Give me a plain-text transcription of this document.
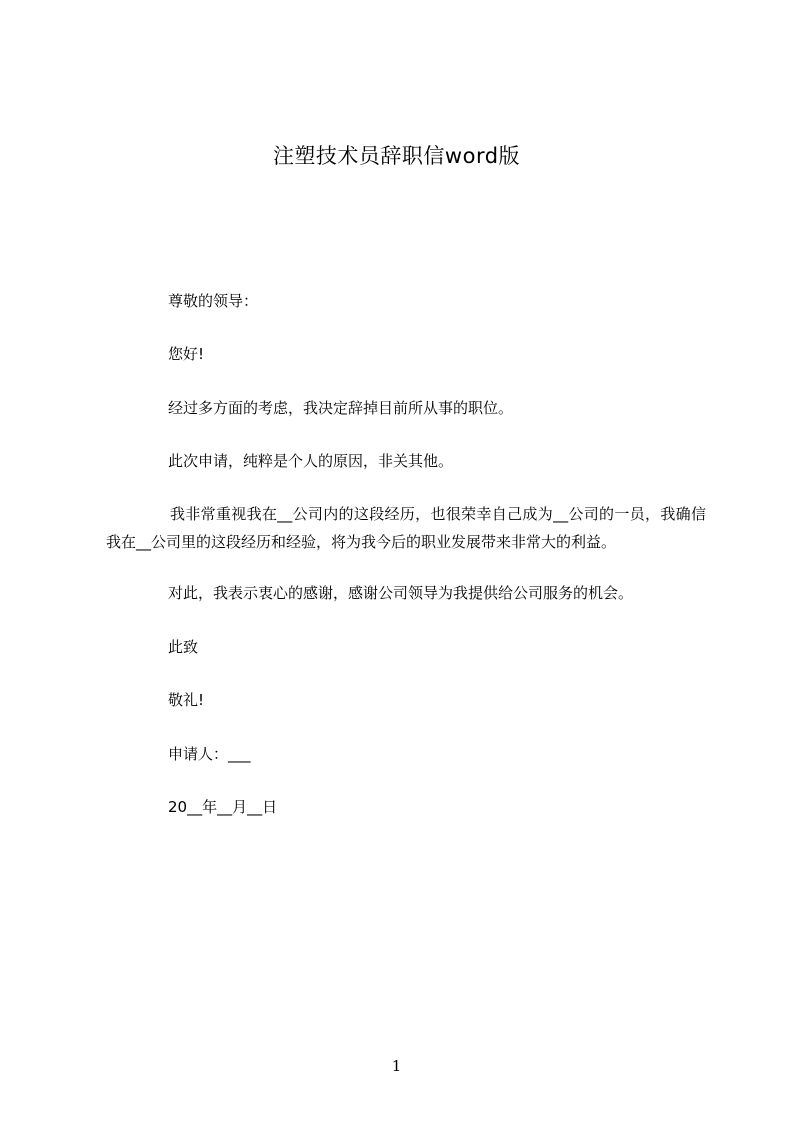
注塑技术员辞职信word版
尊敬的领导：
您好!
经过多方面的考虑，我决定辞掉目前所从事的职位。
此次申请，纯粹是个人的原因，非关其他。
我非常重视我在__公司内的这段经历，也很荣幸自己成为__公司的一员，我确信我在__公司里的这段经历和经验，将为我今后的职业发展带来非常大的利益。
对此，我表示衷心的感谢，感谢公司领导为我提供给公司服务的机会。
此致
敬礼!
申请人：___
20__年__月__日
1
